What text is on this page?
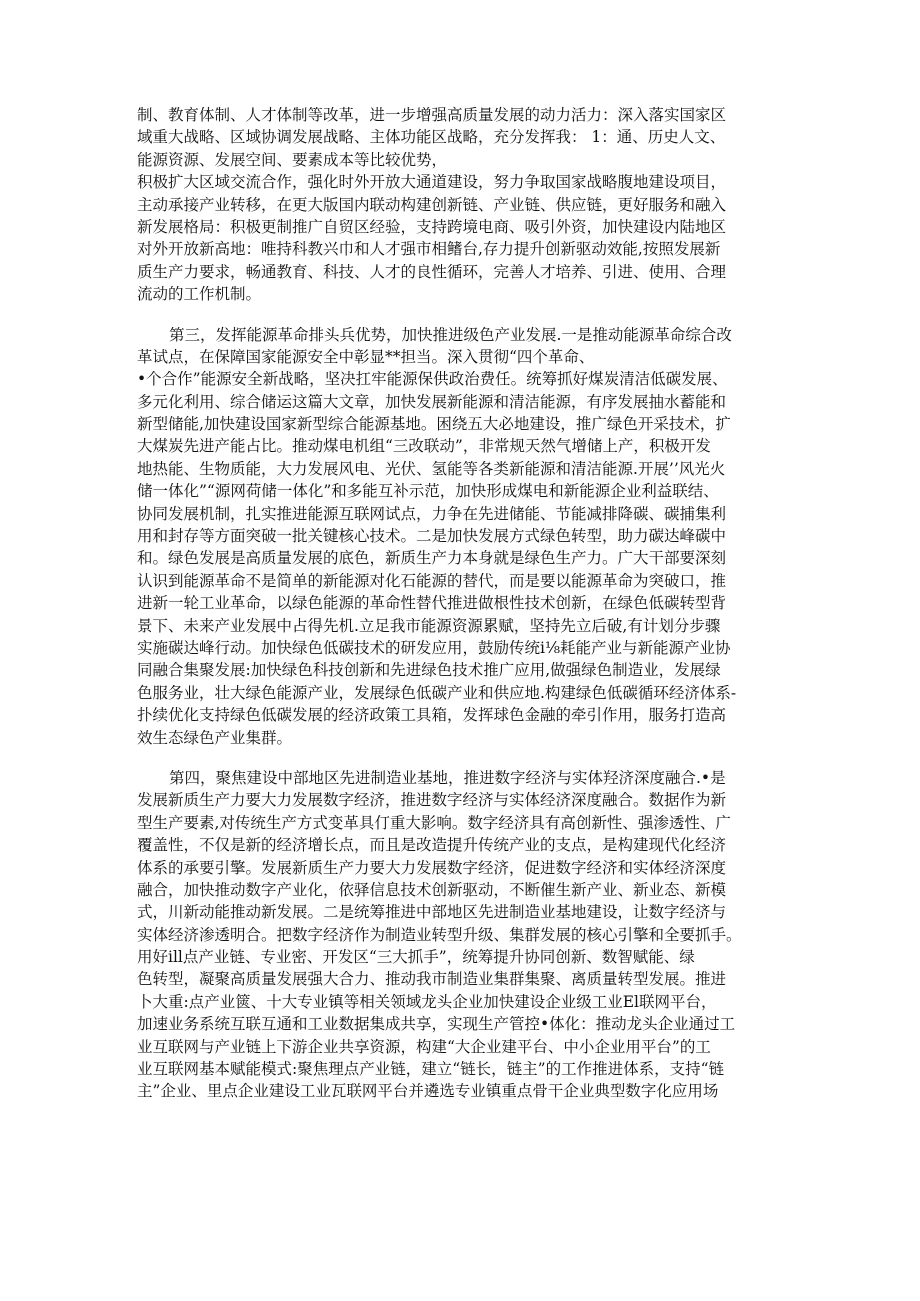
制、教育体制、人才体制等改革，进一步增强高质量发展的动力活力：深入落实国家区
域重大战略、区域协调发展战略、主体功能区战略，充分发挥我： 1：通、历史人文、
能源资源、发展空间、要素成本等比较优势，
积极扩大区域交流合作，强化时外开放大通道建设，努力争取国家战略腹地建设项目，
主动承接产业转移，在更大版国内联动构建创新链、产业链、供应链，更好服务和融入
新发展格局：积极更制推广自贸区经验，支持跨境电商、吸引外资，加快建设内陆地区
对外开放新高地：唯持科教兴巾和人才强市相鳍台,存力提升创新驱动效能,按照发展新
质生产力要求，畅通教育、科技、人才的良性循环，完善人才培养、引进、使用、合理
流动的工作机制。
第三，发挥能源革命排头兵优势，加快推进级色产业发展.一是推动能源革命综合改
革试点，在保障国家能源安全中彰显**担当。深入贯彻“四个革命、
•个合作”能源安全新战略，坚决扛牢能源保供政治费任。统筹抓好煤炭清洁低碳发展、
多元化利用、综合储运这篇大文章，加快发展新能源和清洁能源，有序发展抽水蓄能和
新型储能,加快建设国家新型综合能源基地。困绕五大必地建设，推广绿色开采技术，扩
大煤炭先进产能占比。推动煤电机组“三改联动”，非常规天然气增储上产，积极开发
地热能、生物质能，大力发展风电、光伏、氢能等各类新能源和清洁能源.开展’’风光火
储一体化”“源网荷储一体化”和多能互补示范，加快形成煤电和新能源企业利益联结、
协同发展机制，扎实推进能源互联网试点，力争在先进储能、节能减排降碳、碳捕集利
用和封存等方面突破一批关键核心技术。二是加快发展方式绿色转型，助力碳达峰碳中
和。绿色发展是高质量发展的底色，新质生产力本身就是绿色生产力。广大干部要深刻
认识到能源革命不是简单的新能源对化石能源的替代，而是要以能源革命为突破口，推
进新一轮工业革命，以绿色能源的革命性替代推进做根性技术创新，在绿色低碳转型背
景下、未来产业发展中占得先机.立足我市能源资源累赋，坚持先立后破,有计划分步骤
实施碳达峰行动。加快绿色低碳技术的研发应用，鼓励传统i⅛耗能产业与新能源产业协
同融合集聚发展:加快绿色科技创新和先进绿色技术推广应用,做强绿色制造业，发展绿
色服务业，壮大绿色能源产业，发展绿色低碳产业和供应地.构建绿色低碳循环经济体系-
扑续优化支持绿色低碳发展的经济政策工具箱，发挥球色金融的牵引作用，服务打造高
效生态绿色产业集群。
第四，聚焦建设中部地区先进制造业基地，推进数字经济与实体羟济深度融合.•是
发展新质生产力要大力发展数字经济，推进数字经济与实体经济深度融合。数据作为新
型生产要素,对传统生产方式变革具仃重大影响。数字经济具有高创新性、强渗透性、广
覆盖性，不仅是新的经济增长点，而且是改造提升传统产业的支点，是构建现代化经济
体系的承要引擎。发展新质生产力要大力发展数字经济，促进数字经济和实体经济深度
融合，加快推动数字产业化，依驿信息技术创新驱动，不断催生新产业、新业态、新模
式，川新动能推动新发展。二是统筹推进中部地区先进制造业基地建设，让数字经济与
实体经济渗透明合。把数字经济作为制造业转型升级、集群发展的核心引擎和全要抓手。
用好ill点产业链、专业密、开发区“三大抓手”，统筹提升协同创新、数智赋能、绿
色转型，凝聚高质量发展强大合力、推动我市制造业集群集聚、离质量转型发展。推进
卜大重:点产业篋、十大专业镇等相关领域龙头企业加快建设企业级工业El联网平台，
加速业务系统互联互通和工业数据集成共享，实现生产管控•体化：推动龙头企业通过工
业互联网与产业链上下游企业共享资源，构建“大企业建平台、中小企业用平台”的工
业互联网基本赋能模式:聚焦理点产业链，建立“链长，链主”的工作推进体系，支持“链
主”企业、里点企业建设工业瓦联网平台并遴选专业镇重点骨干企业典型数字化应用场
